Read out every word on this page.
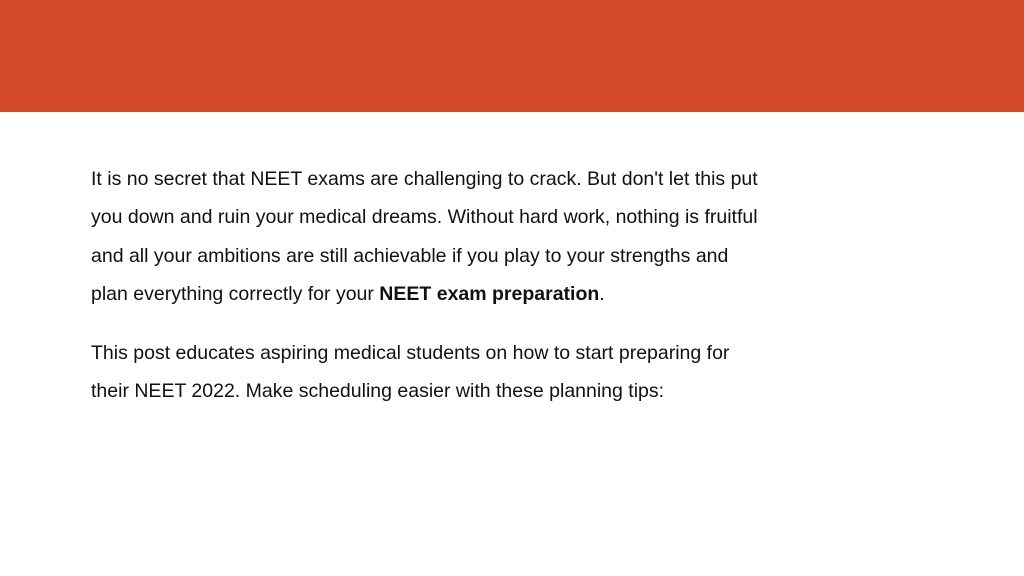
It is no secret that NEET exams are challenging to crack. But don't let this put
you down and ruin your medical dreams. Without hard work, nothing is fruitful
and all your ambitions are still achievable if you play to your strengths and
plan everything correctly for your NEET exam preparation.

This post educates aspiring medical students on how to start preparing for
their NEET 2022. Make scheduling easier with these planning tips:
